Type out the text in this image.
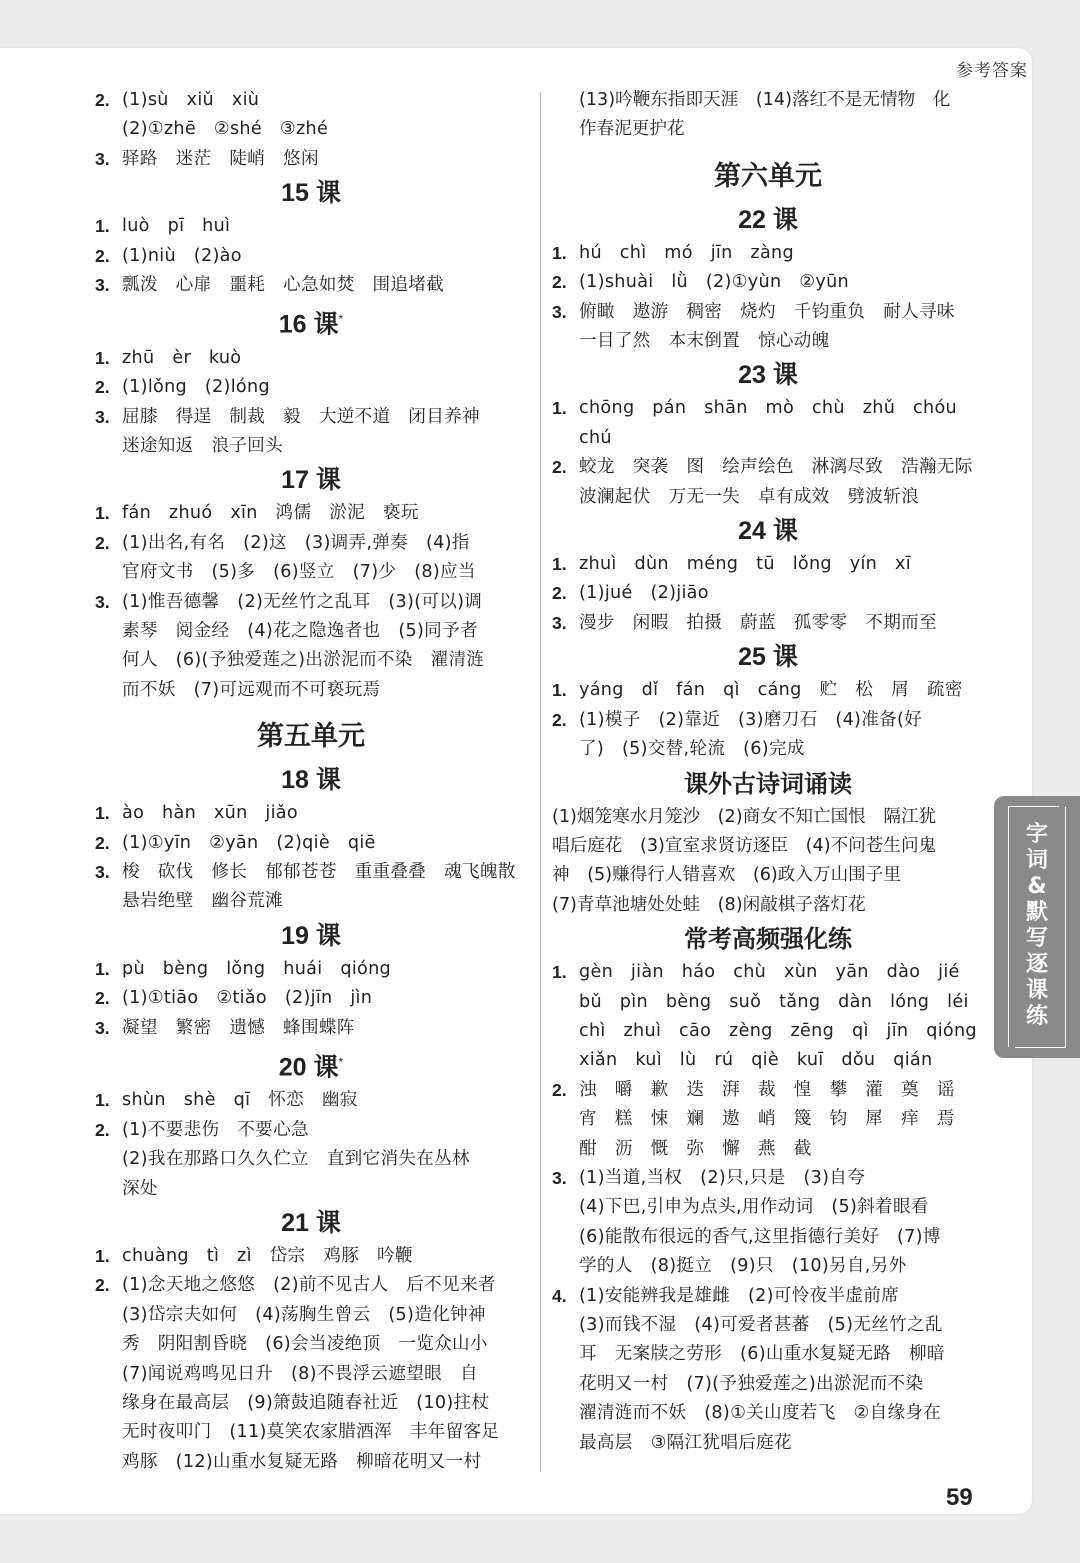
参考答案
2. (1)sù　xiǔ　xiù
(2)①zhē　②shé　③zhé
3. 驿路　迷茫　陡峭　悠闲
15 课
1. luò　pī　huì
2. (1)niù　(2)ào
3. 瓢泼　心扉　噩耗　心急如焚　围追堵截
16 课*
1. zhū　èr　kuò
2. (1)lǒng　(2)lóng
3. 屈膝　得逞　制裁　毅　大逆不道　闭目养神
迷途知返　浪子回头
17 课
1. fán　zhuó　xīn　鸿儒　淤泥　亵玩
2. (1)出名,有名　(2)这　(3)调弄,弹奏　(4)指
官府文书　(5)多　(6)竖立　(7)少　(8)应当
3. (1)惟吾德馨　(2)无丝竹之乱耳　(3)(可以)调
素琴　阅金经　(4)花之隐逸者也　(5)同予者
何人　(6)(予独爱莲之)出淤泥而不染　濯清涟
而不妖　(7)可远观而不可亵玩焉
第五单元
18 课
1. ào　hàn　xūn　jiǎo
2. (1)①yīn　②yān　(2)qiè　qiē
3. 梭　砍伐　修长　郁郁苍苍　重重叠叠　魂飞魄散
悬岩绝壁　幽谷荒滩
19 课
1. pù　bèng　lǒng　huái　qióng
2. (1)①tiāo　②tiǎo　(2)jīn　jìn
3. 凝望　繁密　遗憾　蜂围蝶阵
20 课*
1. shùn　shè　qī　怀恋　幽寂
2. (1)不要悲伤　不要心急
(2)我在那路口久久伫立　直到它消失在丛林
深处
21 课
1. chuàng　tì　zì　岱宗　鸡豚　吟鞭
2. (1)念天地之悠悠　(2)前不见古人　后不见来者
(3)岱宗夫如何　(4)荡胸生曾云　(5)造化钟神
秀　阴阳割昏晓　(6)会当凌绝顶　一览众山小
(7)闻说鸡鸣见日升　(8)不畏浮云遮望眼　自
缘身在最高层　(9)箫鼓追随春社近　(10)拄杖
无时夜叩门　(11)莫笑农家腊酒浑　丰年留客足
鸡豚　(12)山重水复疑无路　柳暗花明又一村
(13)吟鞭东指即天涯　(14)落红不是无情物　化
作春泥更护花
第六单元
22 课
1. hú　chì　mó　jīn　zàng
2. (1)shuài　lǜ　(2)①yùn　②yūn
3. 俯瞰　遨游　稠密　烧灼　千钧重负　耐人寻味
一目了然　本末倒置　惊心动魄
23 课
1. chōng　pán　shān　mò　chù　zhǔ　chóu　chú
2. 蛟龙　突袭　图　绘声绘色　淋漓尽致　浩瀚无际
波澜起伏　万无一失　卓有成效　劈波斩浪
24 课
1. zhuì　dùn　méng　tū　lǒng　yín　xī
2. (1)jué　(2)jiāo
3. 漫步　闲暇　拍摄　蔚蓝　孤零零　不期而至
25 课
1. yáng　dǐ　fán　qì　cáng　贮　松　屑　疏密
2. (1)模子　(2)靠近　(3)磨刀石　(4)准备(好
了)　(5)交替,轮流　(6)完成
课外古诗词诵读
(1)烟笼寒水月笼沙　(2)商女不知亡国恨　隔江犹
唱后庭花　(3)宣室求贤访逐臣　(4)不问苍生问鬼
神　(5)赚得行人错喜欢　(6)政入万山围子里
(7)青草池塘处处蛙　(8)闲敲棋子落灯花
常考高频强化练
1. gèn　jiàn　háo　chù　xùn　yān　dào　jié
bǔ　pìn　bèng　suǒ　tǎng　dàn　lóng　léi
chì　zhuì　cāo　zèng　zēng　qì　jīn　qióng
xiǎn　kuì　lù　rú　qiè　kuī　dǒu　qián
2. 浊　嚼　歉　迭　湃　裁　惶　攀　灌　奠　谣
宵　糕　悚　斓　遨　峭　篾　钧　犀　痒　焉
酣　沥　慨　弥　懈　燕　截
3. (1)当道,当权　(2)只,只是　(3)自夸
(4)下巴,引申为点头,用作动词　(5)斜着眼看
(6)能散布很远的香气,这里指德行美好　(7)博
学的人　(8)挺立　(9)只　(10)另自,另外
4. (1)安能辨我是雄雌　(2)可怜夜半虚前席
(3)而钱不湿　(4)可爱者甚蕃　(5)无丝竹之乱
耳　无案牍之劳形　(6)山重水复疑无路　柳暗
花明又一村　(7)(予独爱莲之)出淤泥而不染
濯清涟而不妖　(8)①关山度若飞　②自缘身在
最高层　③隔江犹唱后庭花
字
词
&
默
写
逐
课
练
59
